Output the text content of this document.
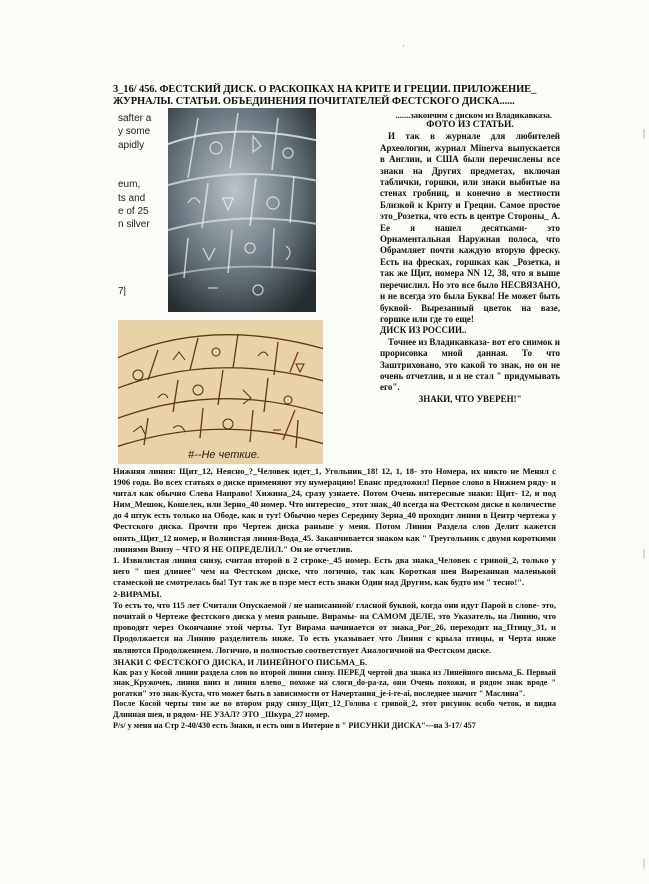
ˈ
|
|
|
3_16/ 456. ФЕСТСКИЙ ДИСК. О РАСКОПКАХ НА КРИТЕ И ГРЕЦИИ. ПРИЛОЖЕНИЕ_ ЖУРНАЛЫ. СТАТЬИ. ОБЪЕДИНЕНИЯ ПОЧИТАТЕЛЕЙ ФЕСТСКОГО ДИСКА......
.......закончим с диском из Владикавказа.
safter a
y some
apidly
eum,
ts and
e of 25
n silver
7|
#--Не четкие.
ФОТО ИЗ СТАТЬИ.
И так в журнале для любителей Археологии, журнал Minerva выпускается в Англии, и США были перечислены все знаки на Других предметах, включая таблички, горшки, или знаки выбитые на стенах гробниц, и конечно в местности Близкой к Криту и Греции. Самое простое это_Розетка, что есть в центре Стороны_ А. Ее я нашел десятками- это Орнаментальная Наружная полоса, что Обрамляет почти каждую вторую фреску. Есть на фресках, горшках как _Розетка, и так же Щит, номера NN 12, 38, что я выше перечислил. Но это все было НЕСВЯЗАНО, и не всегда это была Буква! Не может быть буквой- Вырезанный цветок на вазе, горшке или где то еще!
ДИСК ИЗ РОССИИ..
Точнее из Владикавказа- вот его снимок и прорисовка мной данная. То что Заштриховано, это какой то знак, но он не очень отчетлив, и я не стал " придумывать его".
ЗНАКИ, ЧТО УВЕРЕН!"
Нижняя линия: Щит_12, Неясно_?_Человек идет_1, Угольник_18! 12, 1, 18- это Номера, их никто не Менял с 1906 года. Во всех статьях о диске применяют эту нумерацию! Еванс предложил! Первое слово в Нижнем ряду- и читал как обычно Слева Направо! Хижина_24, сразу узнаете. Потом Очень интересные знаки: Щит- 12, и под Ним_Мешок, Кошелек, или Зерно_40 номер. Что интересно_ этот знак_40 всегда на Фестском диске в количестве до 4 штук есть только на Ободе, как и тут! Обычно через Середину Зерна_40 проходит линия в Центр чертежа у Фестского диска. Прочти про Чертеж диска раньше у меня. Потом Линия Раздела слов Делит кажется опять_Щит_12 номер, и Волнистая линия-Вода_45. Заканчивается знаком как " Треугольник с двумя короткими линиями Внизу – ЧТО Я НЕ ОПРЕДЕЛИЛ." Он не отчетлив.
1. Извилистая линия снизу, считая второй в 2 строке-_45 номер. Есть два знака_Человек с гривой_2, только у него " шея длинее" чем на Фестском диске, что логично, так как Короткая шея Вырезанная маленькой стамеской не смотрелась бы! Тут так же в пэре мест есть знаки Один над Другим, как будто им " тесно!".
2-ВИРАМЫ.
То есть то, что 115 лет Считали Опускаемой / не написанной/ гласной буквой, когда они идут Парой в слове- это, почитай о Чертеже фестского диска у меня раньше. Вирамы- на САМОМ ДЕЛЕ, это Указатель, на Линию, что проводят через Окончание этой черты. Тут Вирама начинается от знака_Рог_26, переходит на_Птицу_31, и Продолжается на Линию разделитель ниже. То есть указывает что Линия с крыла птицы, и Черта ниже являются Продолжением. Логично, и полностью соответствует Аналогичной на Фестском диске.
ЗНАКИ С ФЕСТСКОГО ДИСКА, И ЛИНЕЙНОГО ПИСЬМА_Б.
Как раз у Косой линии раздела слов во второй линии снизу. ПЕРЕД чертой два знака из Линейного письма_Б. Первый знак_Кружочек, линия вниз и линия влево_ похоже на слоги_do-pa-za, они Очень похожи, и рядом знак вроде " рогатки" это знак-Куста, что может быть в зависимости от Начертания_je-i-re-ai, последнее значит " Маслина".
После Косой черты тим же во втором ряду снизу_Щит_12_Голова с гривой_2, этот рисунок особо четок, и видна Длинная шея, и рядом- НЕ УЗАЛ? ЭТО _Шкура_27 номер.
P/s/ у меня на Стр 2-40/430 есть Знаки, и есть они в Интерне в " РИСУНКИ ДИСКА"---на 3-17/ 457
